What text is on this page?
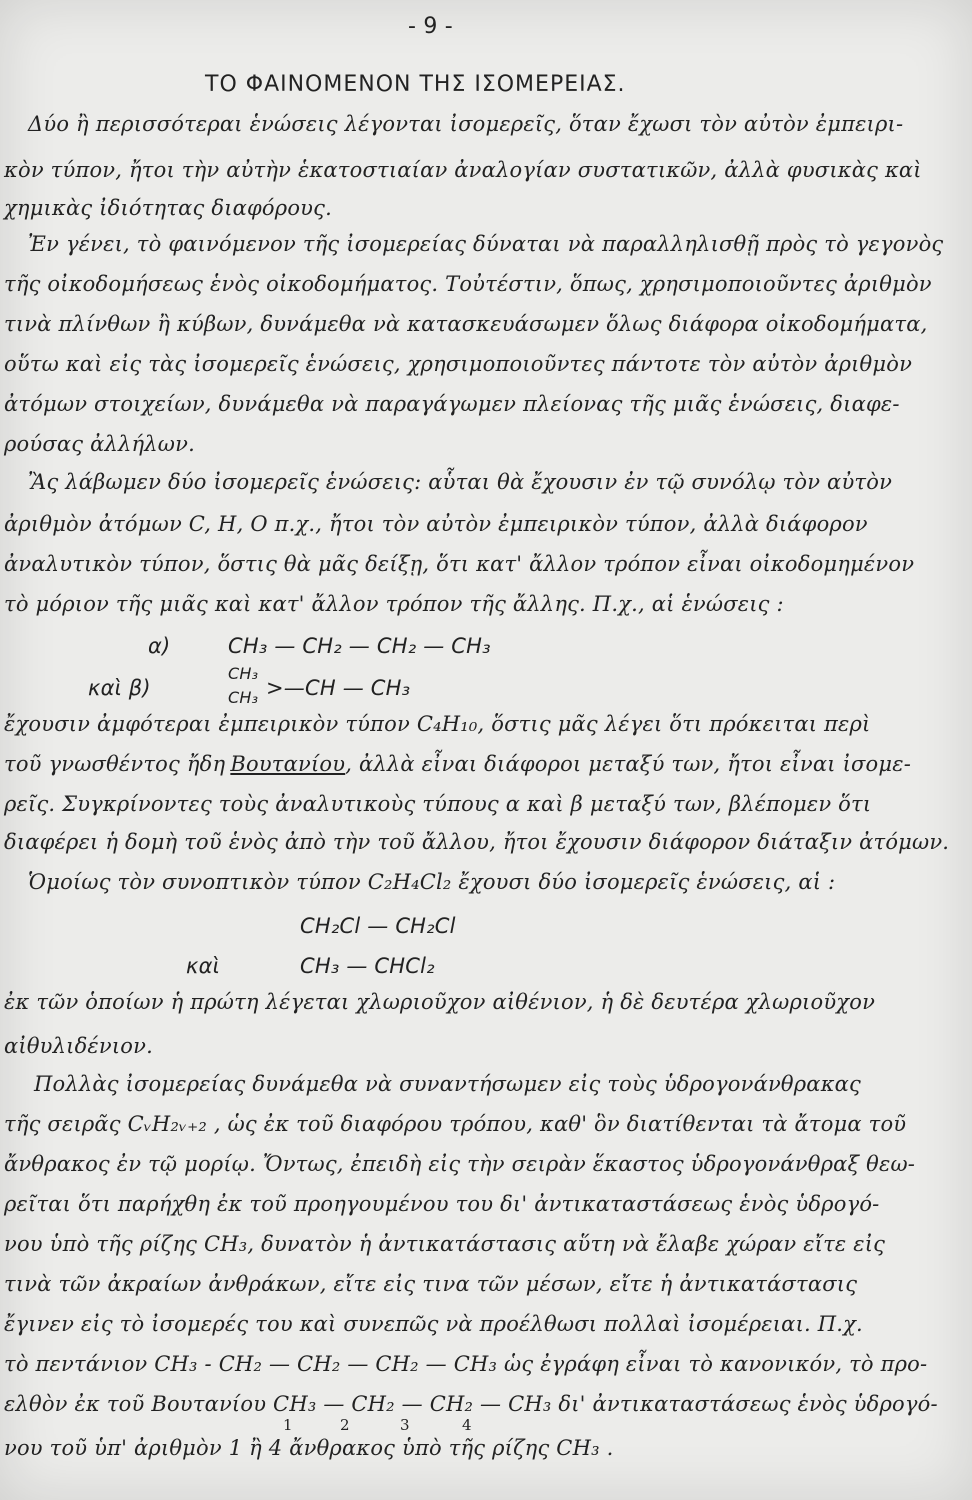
- 9 -
ΤΟ ΦΑΙΝΟΜΕΝΟΝ ΤΗΣ ΙΣΟΜΕΡΕΙΑΣ.
Δύο ἢ περισσότεραι ἑνώσεις λέγονται ἰσομερεῖς, ὅταν ἔχωσι τὸν αὐτὸν ἐμπειρι-
κὸν τύπον, ἤτοι τὴν αὐτὴν ἑκατοστιαίαν ἀναλογίαν συστατικῶν, ἀλλὰ φυσικὰς καὶ
χημικὰς ἰδιότητας διαφόρους.
Ἐν γένει, τὸ φαινόμενον τῆς ἰσομερείας δύναται νὰ παραλληλισθῇ πρὸς τὸ γεγονὸς
τῆς οἰκοδομήσεως ἑνὸς οἰκοδομήματος. Τοὐτέστιν, ὅπως, χρησιμοποιοῦντες ἀριθμὸν
τινὰ πλίνθων ἢ κύβων, δυνάμεθα νὰ κατασκευάσωμεν ὅλως διάφορα οἰκοδομήματα,
οὕτω καὶ εἰς τὰς ἰσομερεῖς ἑνώσεις, χρησιμοποιοῦντες πάντοτε τὸν αὐτὸν ἀριθμὸν
ἀτόμων στοιχείων, δυνάμεθα νὰ παραγάγωμεν πλείονας τῆς μιᾶς ἑνώσεις, διαφε-
ρούσας ἀλλήλων.
Ἂς λάβωμεν δύο ἰσομερεῖς ἑνώσεις: αὗται θὰ ἔχουσιν ἐν τῷ συνόλῳ τὸν αὐτὸν
ἀριθμὸν ἀτόμων C, H, O π.χ., ἤτοι τὸν αὐτὸν ἐμπειρικὸν τύπον, ἀλλὰ διάφορον
ἀναλυτικὸν τύπον, ὅστις θὰ μᾶς δείξῃ, ὅτι κατ' ἄλλον τρόπον εἶναι οἰκοδομημένον
τὸ μόριον τῆς μιᾶς καὶ κατ' ἄλλον τρόπον τῆς ἄλλης. Π.χ., αἱ ἑνώσεις :
α)	CH₃ — CH₂ — CH₂ — CH₃
καὶ β)
CH₃
CH₃ >—CH — CH₃
ἔχουσιν ἀμφότεραι ἐμπειρικὸν τύπον C₄H₁₀, ὅστις μᾶς λέγει ὅτι πρόκειται περὶ
τοῦ γνωσθέντος ἤδη Βουτανίου, ἀλλὰ εἶναι διάφοροι μεταξύ των, ἤτοι εἶναι ἰσομε-
ρεῖς. Συγκρίνοντες τοὺς ἀναλυτικοὺς τύπους α καὶ β μεταξύ των, βλέπομεν ὅτι
διαφέρει ἡ δομὴ τοῦ ἑνὸς ἀπὸ τὴν τοῦ ἄλλου, ἤτοι ἔχουσιν διάφορον διάταξιν ἀτόμων.
Ὁμοίως τὸν συνοπτικὸν τύπον C₂H₄Cl₂ ἔχουσι δύο ἰσομερεῖς ἑνώσεις, αἱ :
CH₂Cl — CH₂Cl
καὶ	CH₃ — CHCl₂
ἐκ τῶν ὁποίων ἡ πρώτη λέγεται χλωριοῦχον αἰθένιον, ἡ δὲ δευτέρα χλωριοῦχον
αἰθυλιδένιον.
Πολλὰς ἰσομερείας δυνάμεθα νὰ συναντήσωμεν εἰς τοὺς ὑδρογονάνθρακας
τῆς σειρᾶς CᵥH₂ᵥ₊₂ , ὡς ἐκ τοῦ διαφόρου τρόπου, καθ' ὃν διατίθενται τὰ ἄτομα τοῦ
ἄνθρακος ἐν τῷ μορίῳ. Ὄντως, ἐπειδὴ εἰς τὴν σειρὰν ἕκαστος ὑδρογονάνθραξ θεω-
ρεῖται ὅτι παρήχθη ἐκ τοῦ προηγουμένου του δι' ἀντικαταστάσεως ἑνὸς ὑδρογό-
νου ὑπὸ τῆς ρίζης CH₃, δυνατὸν ἡ ἀντικατάστασις αὕτη νὰ ἔλαβε χώραν εἴτε εἰς
τινὰ τῶν ἀκραίων ἀνθράκων, εἴτε εἰς τινα τῶν μέσων, εἴτε ἡ ἀντικατάστασις
ἔγινεν εἰς τὸ ἰσομερές του καὶ συνεπῶς νὰ προέλθωσι πολλαὶ ἰσομέρειαι. Π.χ.
τὸ πεντάνιον CH₃ - CH₂ — CH₂ — CH₂ — CH₃ ὡς ἐγράφη εἶναι τὸ κανονικόν, τὸ προ-
ελθὸν ἐκ τοῦ Βουτανίου CH₃ — CH₂ — CH₂ — CH₃ δι' ἀντικαταστάσεως ἑνὸς ὑδρογό-
1	2	3	4
νου τοῦ ὑπ' ἀριθμὸν 1 ἢ 4 ἄνθρακος ὑπὸ τῆς ρίζης CH₃ .
